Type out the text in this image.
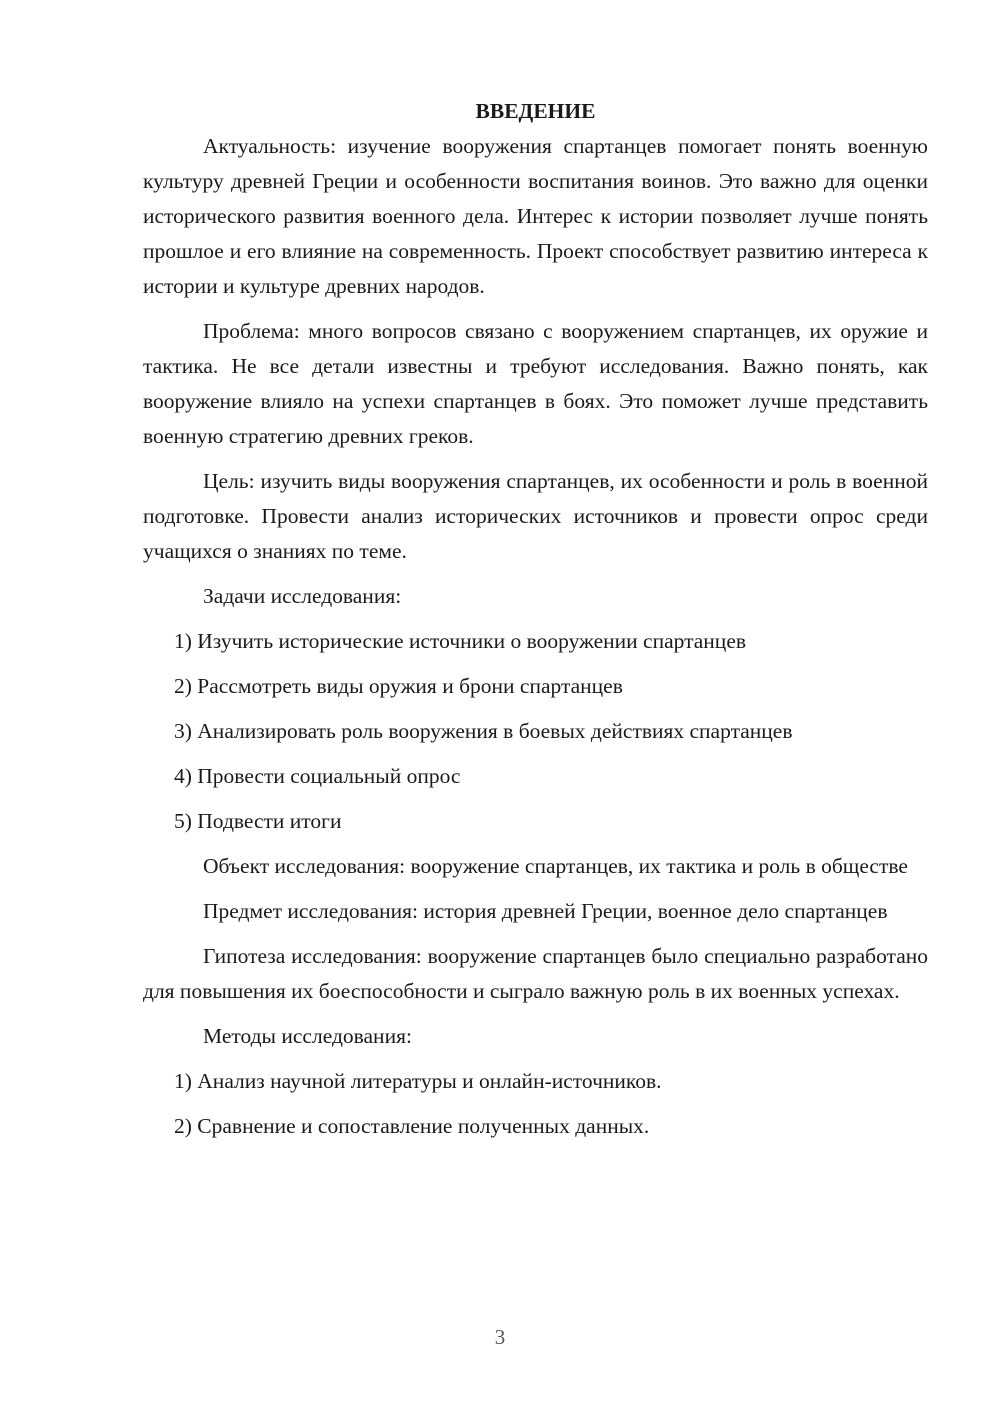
ВВЕДЕНИЕ

Актуальность: изучение вооружения спартанцев помогает понять военную культуру древней Греции и особенности воспитания воинов. Это важно для оценки исторического развития военного дела. Интерес к истории позволяет лучше понять прошлое и его влияние на современность. Проект способствует развитию интереса к истории и культуре древних народов.

Проблема: много вопросов связано с вооружением спартанцев, их оружие и тактика. Не все детали известны и требуют исследования. Важно понять, как вооружение влияло на успехи спартанцев в боях. Это поможет лучше представить военную стратегию древних греков.

Цель: изучить виды вооружения спартанцев, их особенности и роль в военной подготовке. Провести анализ исторических источников и провести опрос среди учащихся о знаниях по теме.

Задачи исследования:

1) Изучить исторические источники о вооружении спартанцев
2) Рассмотреть виды оружия и брони спартанцев
3) Анализировать роль вооружения в боевых действиях спартанцев
4) Провести социальный опрос
5) Подвести итоги

Объект исследования: вооружение спартанцев, их тактика и роль в обществе

Предмет исследования: история древней Греции, военное дело спартанцев

Гипотеза исследования: вооружение спартанцев было специально разработано для повышения их боеспособности и сыграло важную роль в их военных успехах.

Методы исследования:

1) Анализ научной литературы и онлайн-источников.
2) Сравнение и сопоставление полученных данных.
3
